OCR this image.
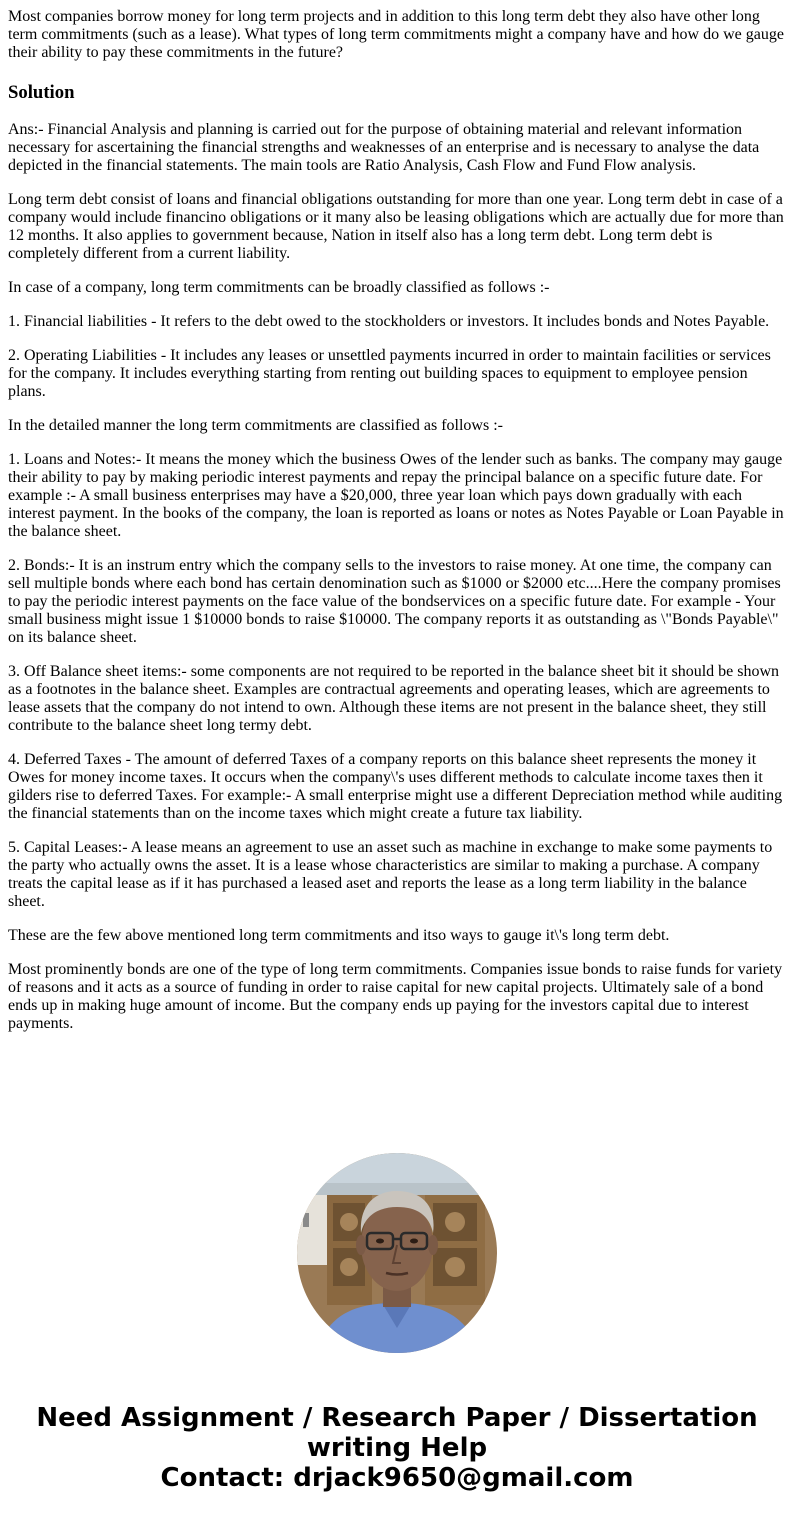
Most companies borrow money for long term projects and in addition to this long term debt they also have other long term commitments (such as a lease). What types of long term commitments might a company have and how do we gauge their ability to pay these commitments in the future?

Solution

Ans:- Financial Analysis and planning is carried out for the purpose of obtaining material and relevant information necessary for ascertaining the financial strengths and weaknesses of an enterprise and is necessary to analyse the data depicted in the financial statements. The main tools are Ratio Analysis, Cash Flow and Fund Flow analysis.

Long term debt consist of loans and financial obligations outstanding for more than one year. Long term debt in case of a company would include financino obligations or it many also be leasing obligations which are actually due for more than 12 months. It also applies to government because, Nation in itself also has a long term debt. Long term debt is completely different from a current liability.

In case of a company, long term commitments can be broadly classified as follows :-

1. Financial liabilities - It refers to the debt owed to the stockholders or investors. It includes bonds and Notes Payable.

2. Operating Liabilities - It includes any leases or unsettled payments incurred in order to maintain facilities or services for the company. It includes everything starting from renting out building spaces to equipment to employee pension plans.

In the detailed manner the long term commitments are classified as follows :-

1. Loans and Notes:- It means the money which the business Owes of the lender such as banks. The company may gauge their ability to pay by making periodic interest payments and repay the principal balance on a specific future date. For example :- A small business enterprises may have a $20,000, three year loan which pays down gradually with each interest payment. In the books of the company, the loan is reported as loans or notes as Notes Payable or Loan Payable in the balance sheet.

2. Bonds:- It is an instrum entry which the company sells to the investors to raise money. At one time, the company can sell multiple bonds where each bond has certain denomination such as $1000 or $2000 etc....Here the company promises to pay the periodic interest payments on the face value of the bondservices on a specific future date. For example - Your small business might issue 1 $10000 bonds to raise $10000. The company reports it as outstanding as \"Bonds Payable\" on its balance sheet.

3. Off Balance sheet items:- some components are not required to be reported in the balance sheet bit it should be shown as a footnotes in the balance sheet. Examples are contractual agreements and operating leases, which are agreements to lease assets that the company do not intend to own. Although these items are not present in the balance sheet, they still contribute to the balance sheet long termy debt.

4. Deferred Taxes - The amount of deferred Taxes of a company reports on this balance sheet represents the money it Owes for money income taxes. It occurs when the company\'s uses different methods to calculate income taxes then it gilders rise to deferred Taxes. For example:- A small enterprise might use a different Depreciation method while auditing the financial statements than on the income taxes which might create a future tax liability.

5. Capital Leases:- A lease means an agreement to use an asset such as machine in exchange to make some payments to the party who actually owns the asset. It is a lease whose characteristics are similar to making a purchase. A company treats the capital lease as if it has purchased a leased aset and reports the lease as a long term liability in the balance sheet.

These are the few above mentioned long term commitments and itso ways to gauge it\'s long term debt.

Most prominently bonds are one of the type of long term commitments. Companies issue bonds to raise funds for variety of reasons and it acts as a source of funding in order to raise capital for new capital projects. Ultimately sale of a bond ends up in making huge amount of income. But the company ends up paying for the investors capital due to interest payments.

Need Assignment / Research Paper / Dissertation
writing Help
Contact: drjack9650@gmail.com
